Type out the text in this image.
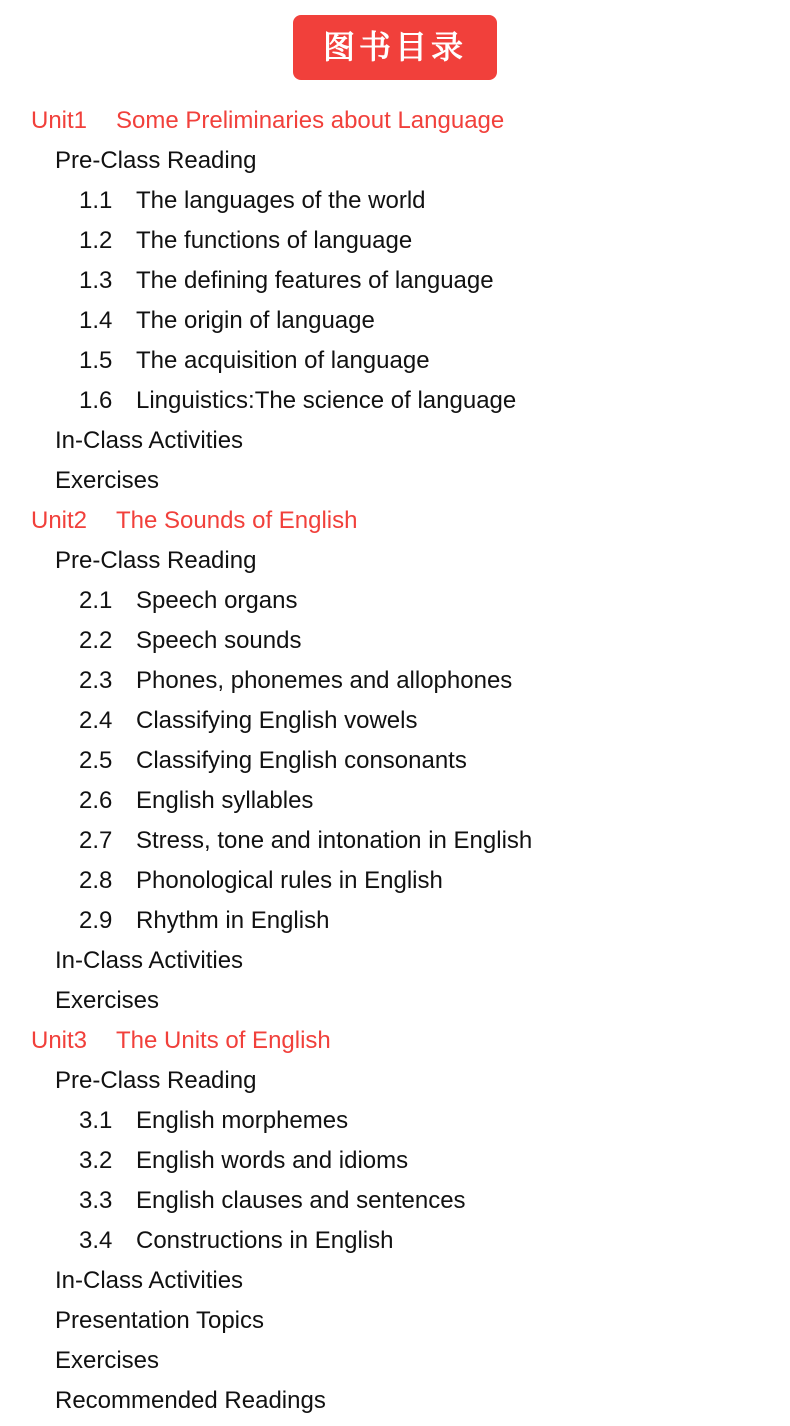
图书目录
Unit1 Some Preliminaries about Language
Pre-Class Reading
1.1 The languages of the world
1.2 The functions of language
1.3 The defining features of language
1.4 The origin of language
1.5 The acquisition of language
1.6 Linguistics:The science of language
In-Class Activities
Exercises
Unit2 The Sounds of English
Pre-Class Reading
2.1 Speech organs
2.2 Speech sounds
2.3 Phones, phonemes and allophones
2.4 Classifying English vowels
2.5 Classifying English consonants
2.6 English syllables
2.7 Stress, tone and intonation in English
2.8 Phonological rules in English
2.9 Rhythm in English
In-Class Activities
Exercises
Unit3 The Units of English
Pre-Class Reading
3.1 English morphemes
3.2 English words and idioms
3.3 English clauses and sentences
3.4 Constructions in English
In-Class Activities
Presentation Topics
Exercises
Recommended Readings
